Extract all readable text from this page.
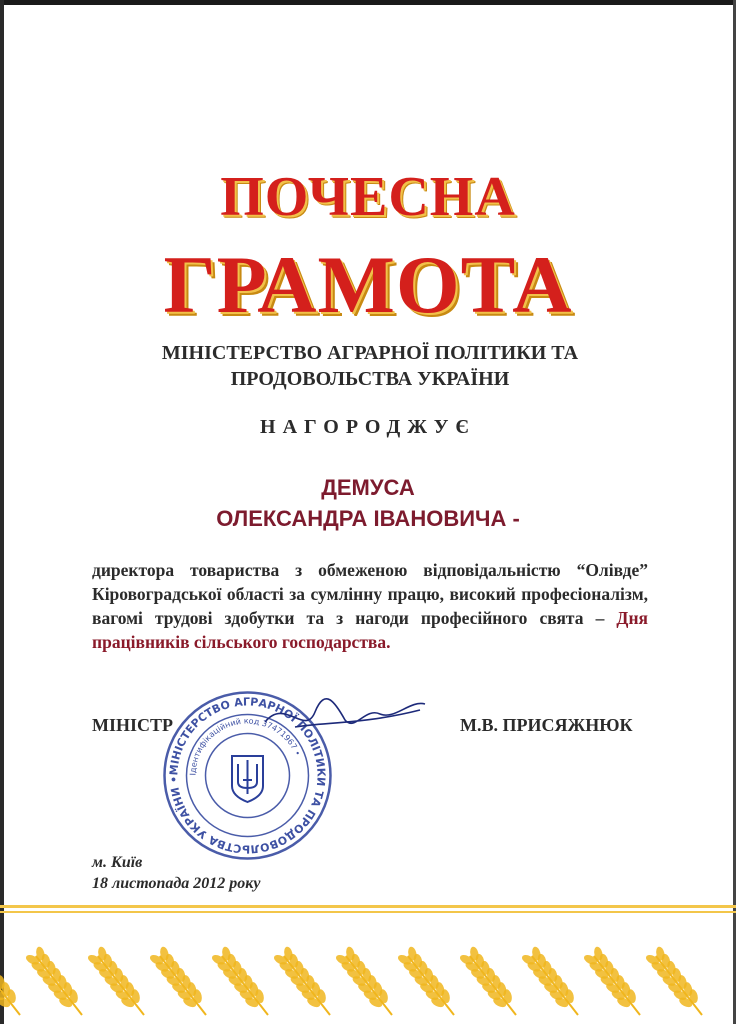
ПОЧЕСНА
ГРАМОТА
МІНІСТЕРСТВО АГРАРНОЇ ПОЛІТИКИ ТА
ПРОДОВОЛЬСТВА УКРАЇНИ
НАГОРОДЖУЄ
ДЕМУСА
ОЛЕКСАНДРА ІВАНОВИЧА -
директора товариства з обмеженою відповідальністю “Олівде” Кіровоградської області за сумлінну працю, високий професіоналізм, вагомі трудові здобутки та з нагоди професійного свята – Дня працівників сільського господарства.
МІНІСТР	М.В. ПРИСЯЖНЮК
МІНІСТЕРСТВО АГРАРНОЇ ПОЛІТИКИ ТА ПРОДОВОЛЬСТВА УКРАЇНИ •
Ідентифікаційний код 37471967 •
м. Київ
18 листопада 2012 року
